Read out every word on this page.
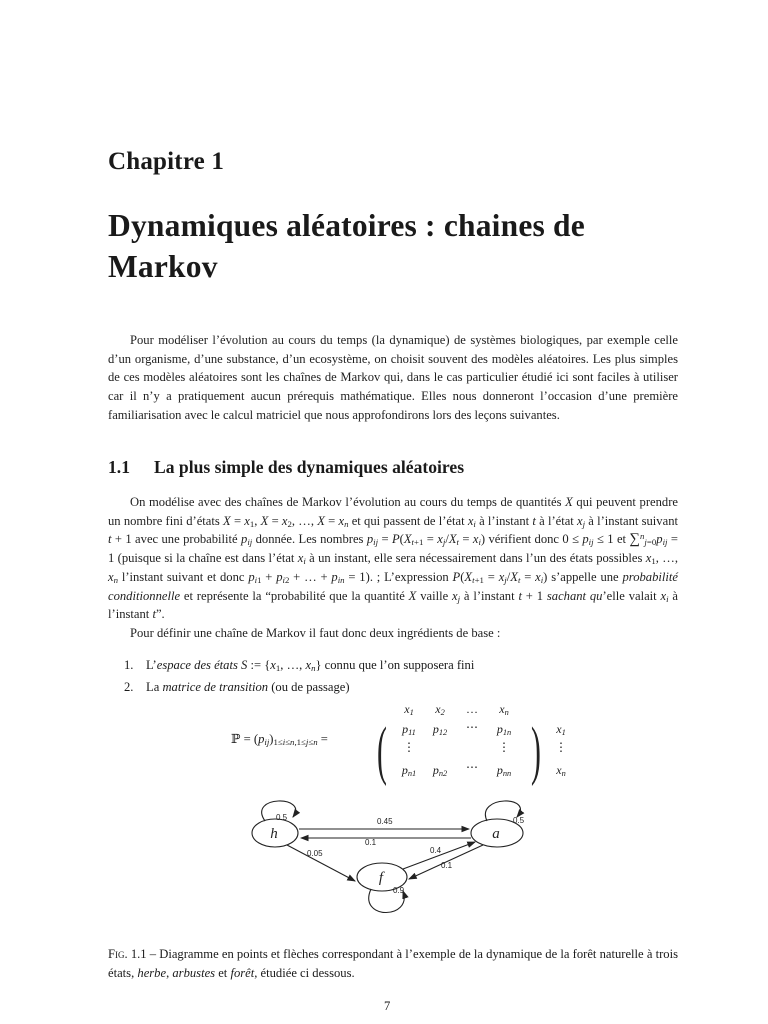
Chapitre 1
Dynamiques aléatoires : chaines de Markov
Pour modéliser l’évolution au cours du temps (la dynamique) de systèmes biologiques, par exemple celle d’un organisme, d’une substance, d’un ecosystème, on choisit souvent des modèles aléatoires. Les plus simples de ces modèles aléatoires sont les chaînes de Markov qui, dans le cas particulier étudié ici sont faciles à utiliser car il n’y a pratiquement aucun prérequis mathématique. Elles nous donneront l’occasion d’une première familiarisation avec le calcul matriciel que nous approfondirons lors des leçons suivantes.
1.1 La plus simple des dynamiques aléatoires
On modélise avec des chaînes de Markov l’évolution au cours du temps de quantités X qui peuvent prendre un nombre fini d’états $X = x_1$, $X = x_2$, …, $X = x_n$ et qui passent de l’état $x_i$ à l’instant t à l’état $x_j$ à l’instant suivant t + 1 avec une probabilité $p_{ij}$ donnée. Les nombres $p_{ij} = P(X_{t+1} = x_j/X_t = x_i)$ vérifient donc $0 \le p_{ij} \le 1$ et $\sum^n_{j=0}p_{ij} = 1$ (puisque si la chaîne est dans l’état $x_i$ à un instant, elle sera nécessairement dans l’un des états possibles $x_1$, …, $x_n$ l’instant suivant et donc $p_{i1} + p_{i2}$ + … + $p_{in} = 1$). ; L’expression $P(X_{t+1} = x_j/X_t = x_i)$ s’appelle une probabilité conditionnelle et représente la “probabilité que la quantité X vaille $x_j$ à l’instant t + 1 sachant qu’elle valait $x_i$ à l’instant t”.
Pour définir une chaîne de Markov il faut donc deux ingrédients de base :
1. L’espace des états S := {$x_1$, …, $x_n$} connu que l’on supposera fini
2. La matrice de transition (ou de passage)
ℙ = $(p_{ij})_{1\le i\le n,1\le j\le n}$ = ( )
$x_1$ $x_2$ … $x_n$
$p_{11}$ $p_{12}$ ⋯ $p_{1n}$
⋮	⋮
$p_{n1}$ $p_{n2}$ ⋯ $p_{nn}$
$x_1$
⋮
$x_n$
0.5	0.45
0.1
0.05	0.4
0.1
0.5
0.9
h	a
f
Fig. 1.1 – Diagramme en points et flèches correspondant à l’exemple de la dynamique de la forêt naturelle à trois états, herbe, arbustes et forêt, étudiée ci dessous.
7
